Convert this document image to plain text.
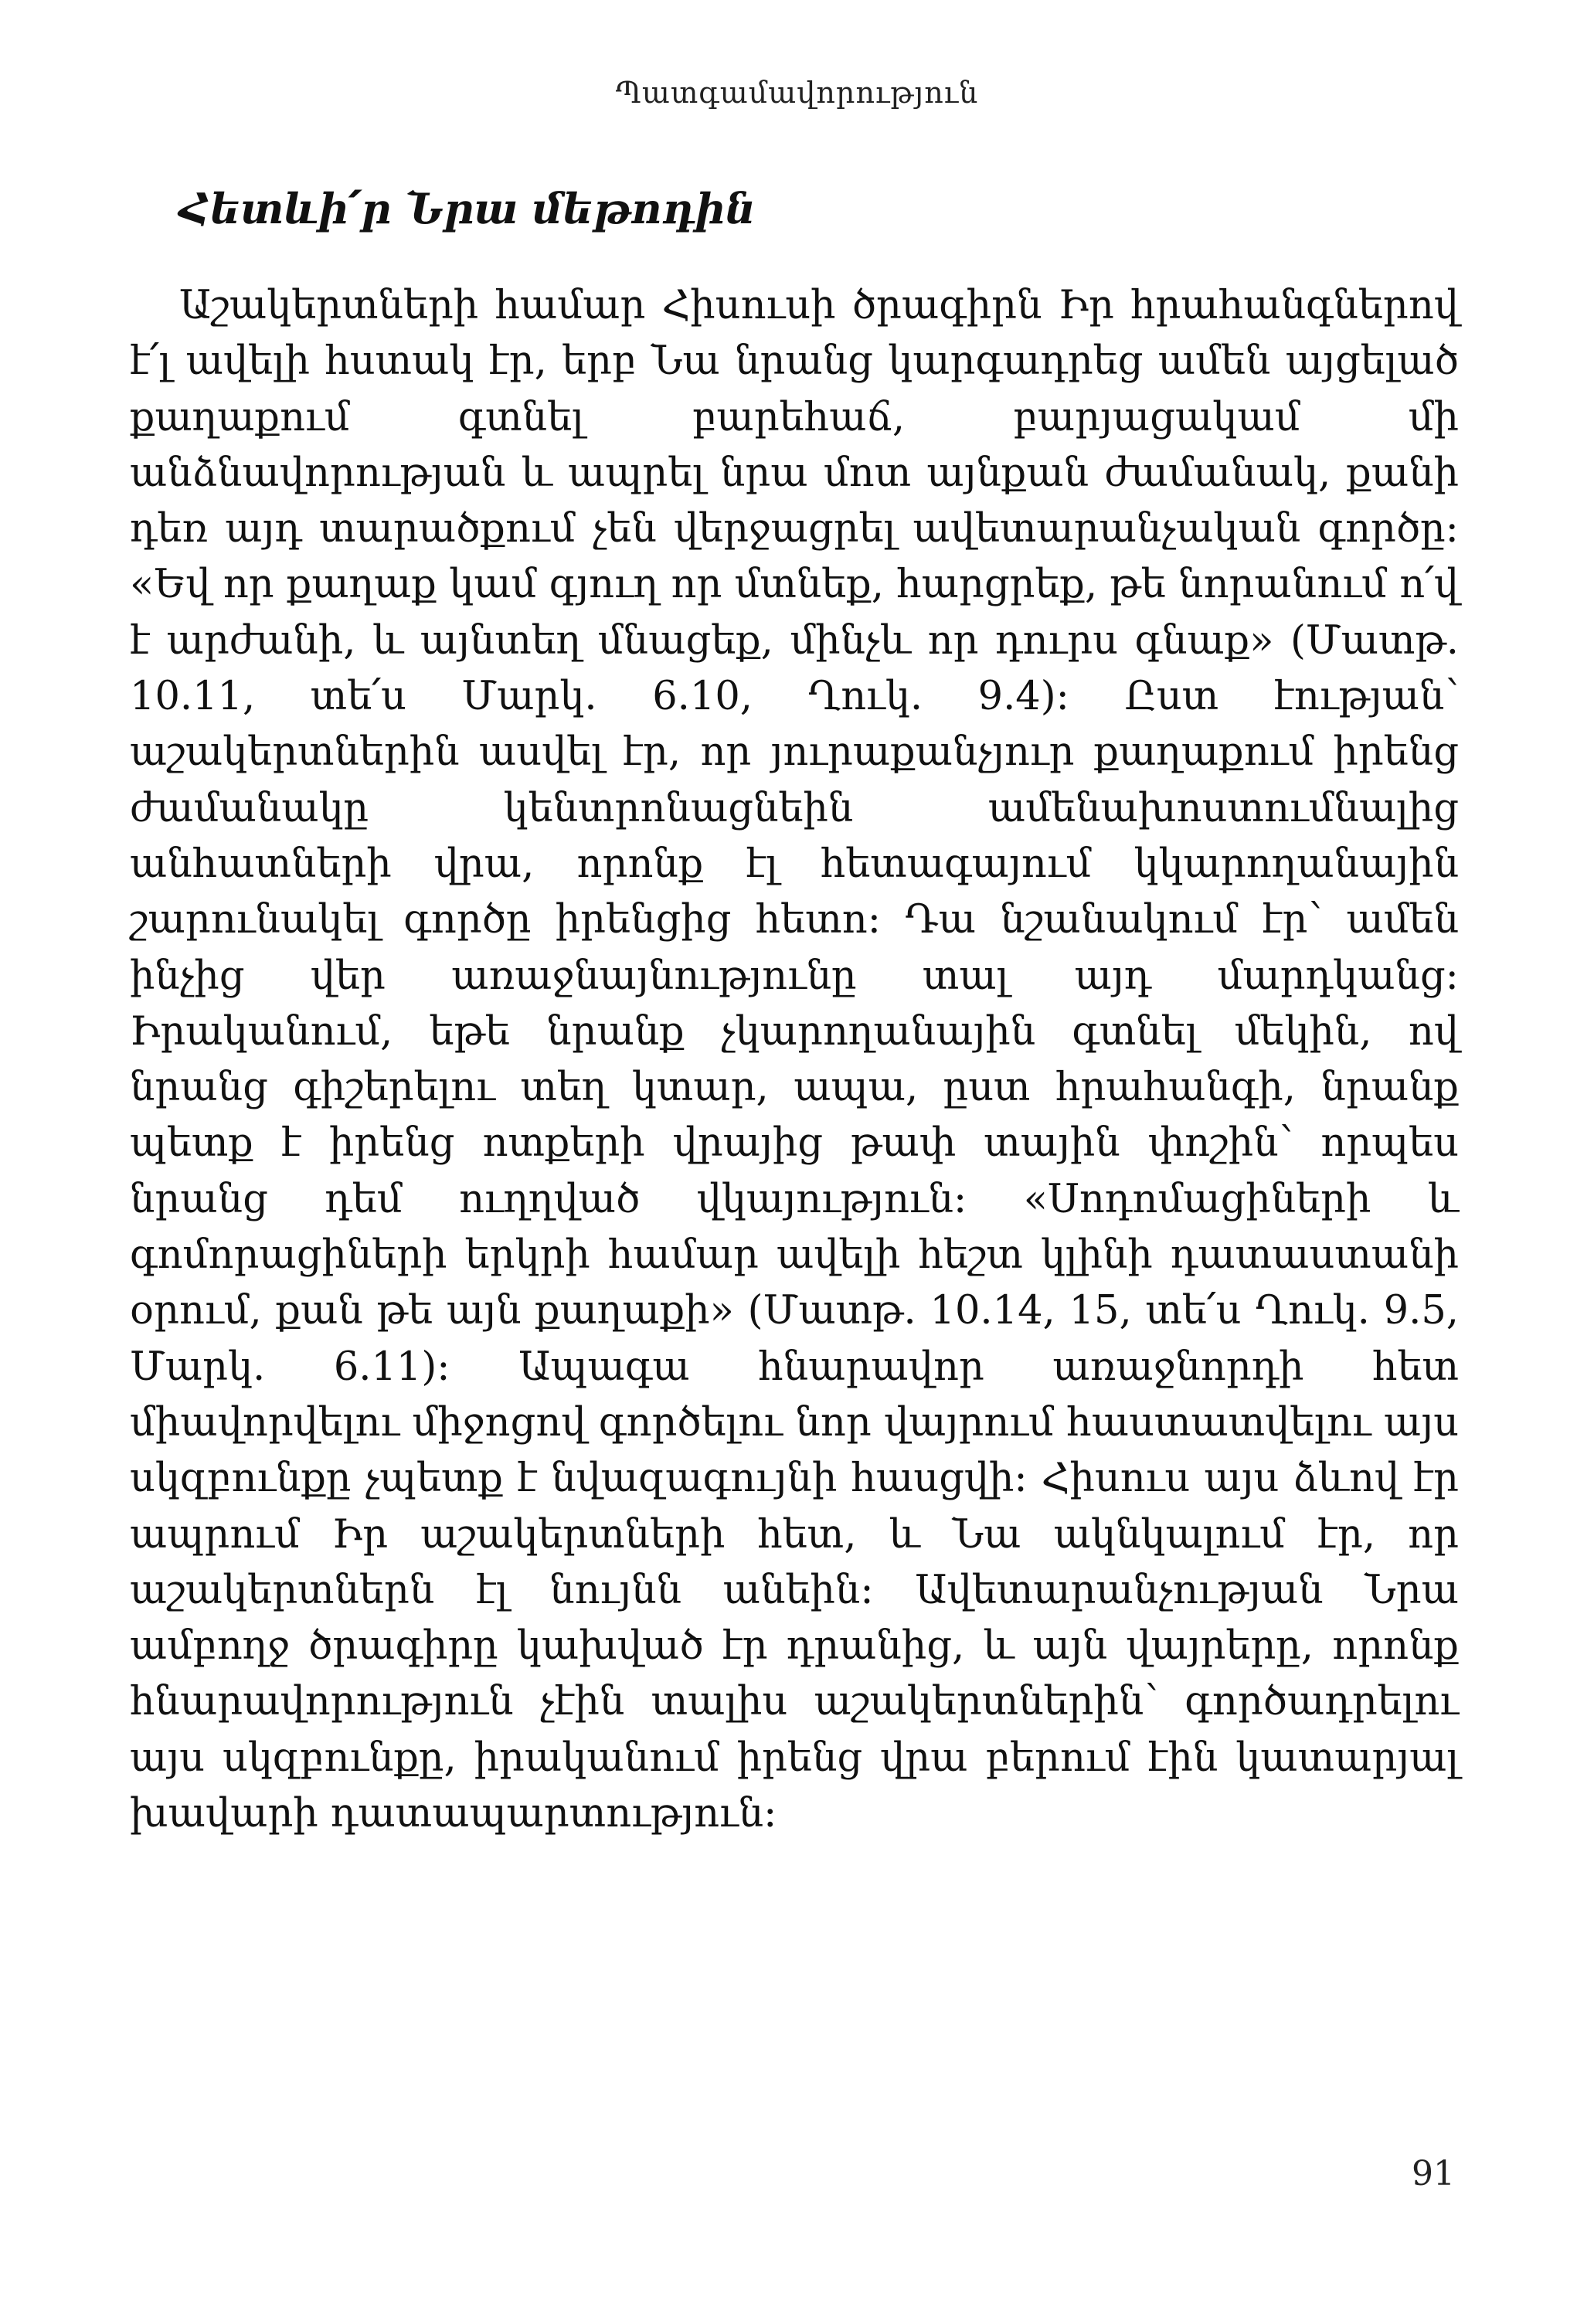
Պատգամավորություն
Հետևի՛ր Նրա մեթոդին

Աշակերտների համար Հիսուսի ծրագիրն Իր հրահանգներով է՛լ ավելի հստակ էր, երբ Նա նրանց կարգադրեց ամեն այցելած քաղաքում գտնել բարեհաճ, բարյացակամ մի անձնավորության և ապրել նրա մոտ այնքան ժամանակ, քանի դեռ այդ տարածքում չեն վերջացրել ավետարանչական գործը։ «Եվ որ քաղաք կամ գյուղ որ մտնեք, հարցրեք, թե նորանում ո՛վ է արժանի, և այնտեղ մնացեք, մինչև որ դուրս գնաք» (Մատթ. 10.11, տե՛ս Մարկ. 6.10, Ղուկ. 9.4)։ Ըստ էության՝ աշակերտներին ասվել էր, որ յուրաքանչյուր քաղաքում իրենց ժամանակը կենտրոնացնեին ամենախոստումնալից անհատների վրա, որոնք էլ հետագայում կկարողանային շարունակել գործը իրենցից հետո։ Դա նշանակում էր՝ ամեն ինչից վեր առաջնայնությունը տալ այդ մարդկանց։ Իրականում, եթե նրանք չկարողանային գտնել մեկին, ով նրանց գիշերելու տեղ կտար, ապա, ըստ հրահանգի, նրանք պետք է իրենց ոտքերի վրայից թափ տային փոշին՝ որպես նրանց դեմ ուղղված վկայություն։ «Սոդոմացիների և գոմորացիների երկրի համար ավելի հեշտ կլինի դատաստանի օրում, քան թե այն քաղաքի» (Մատթ. 10.14, 15, տե՛ս Ղուկ. 9.5, Մարկ. 6.11)։ Ապագա հնարավոր առաջնորդի հետ միավորվելու միջոցով գործելու նոր վայրում հաստատվելու այս սկզբունքը չպետք է նվազագույնի հասցվի։ Հիսուս այս ձևով էր ապրում Իր աշակերտների հետ, և Նա ակնկալում էր, որ աշակերտներն էլ նույնն անեին։ Ավետարանչության Նրա ամբողջ ծրագիրը կախված էր դրանից, և այն վայրերը, որոնք հնարավորություն չէին տալիս աշակերտներին՝ գործադրելու այս սկզբունքը, իրականում իրենց վրա բերում էին կատարյալ խավարի դատապարտություն։

91
